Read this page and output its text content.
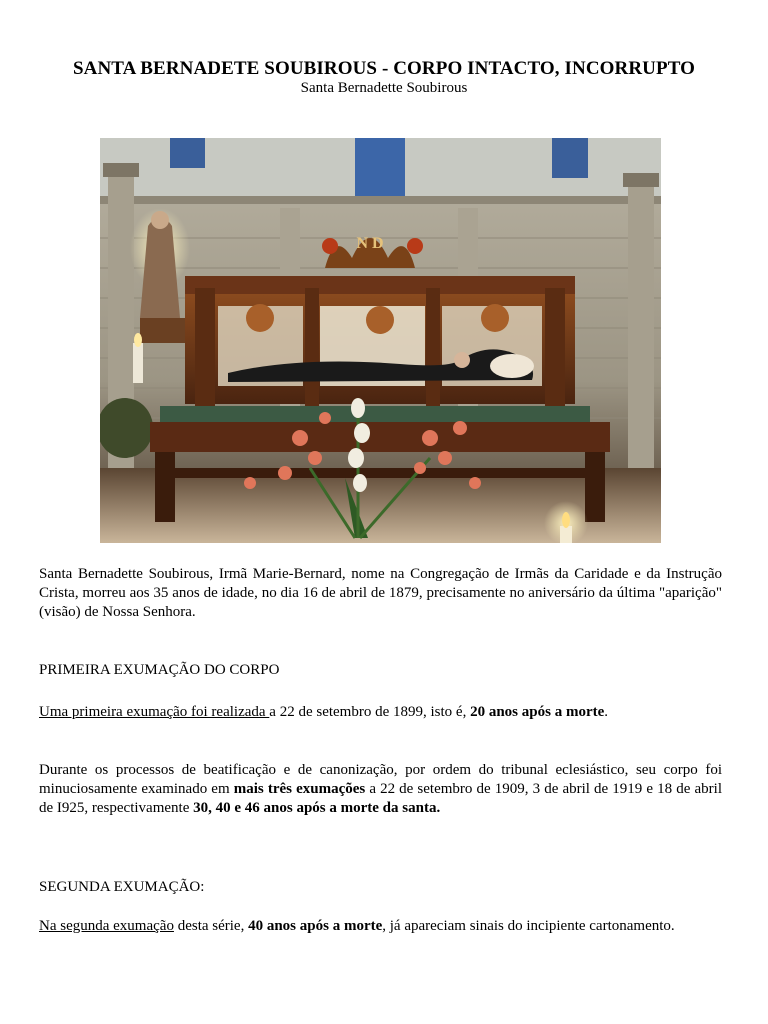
SANTA BERNADETE SOUBIROUS - CORPO INTACTO, INCORRUPTO
Santa Bernadette Soubirous
N D
Santa Bernadette Soubirous, Irmã Marie-Bernard, nome na Congregação de Irmãs da Caridade e da Instrução Crista, morreu aos 35 anos de idade, no dia 16 de abril de 1879, precisamente no aniversário da última "aparição" (visão) de Nossa Senhora.
PRIMEIRA EXUMAÇÃO DO CORPO
Uma primeira exumação foi realizada a 22 de setembro de 1899, isto é, 20 anos após a morte.
Durante os processos de beatificação e de canonização, por ordem do tribunal eclesiástico, seu corpo foi minuciosamente examinado em mais três exumações a 22 de setembro de 1909, 3 de abril de 1919 e 18 de abril de I925, respectivamente 30, 40 e 46 anos após a morte da santa.
SEGUNDA EXUMAÇÃO:
Na segunda exumação desta série, 40 anos após a morte, já apareciam sinais do incipiente cartonamento.
